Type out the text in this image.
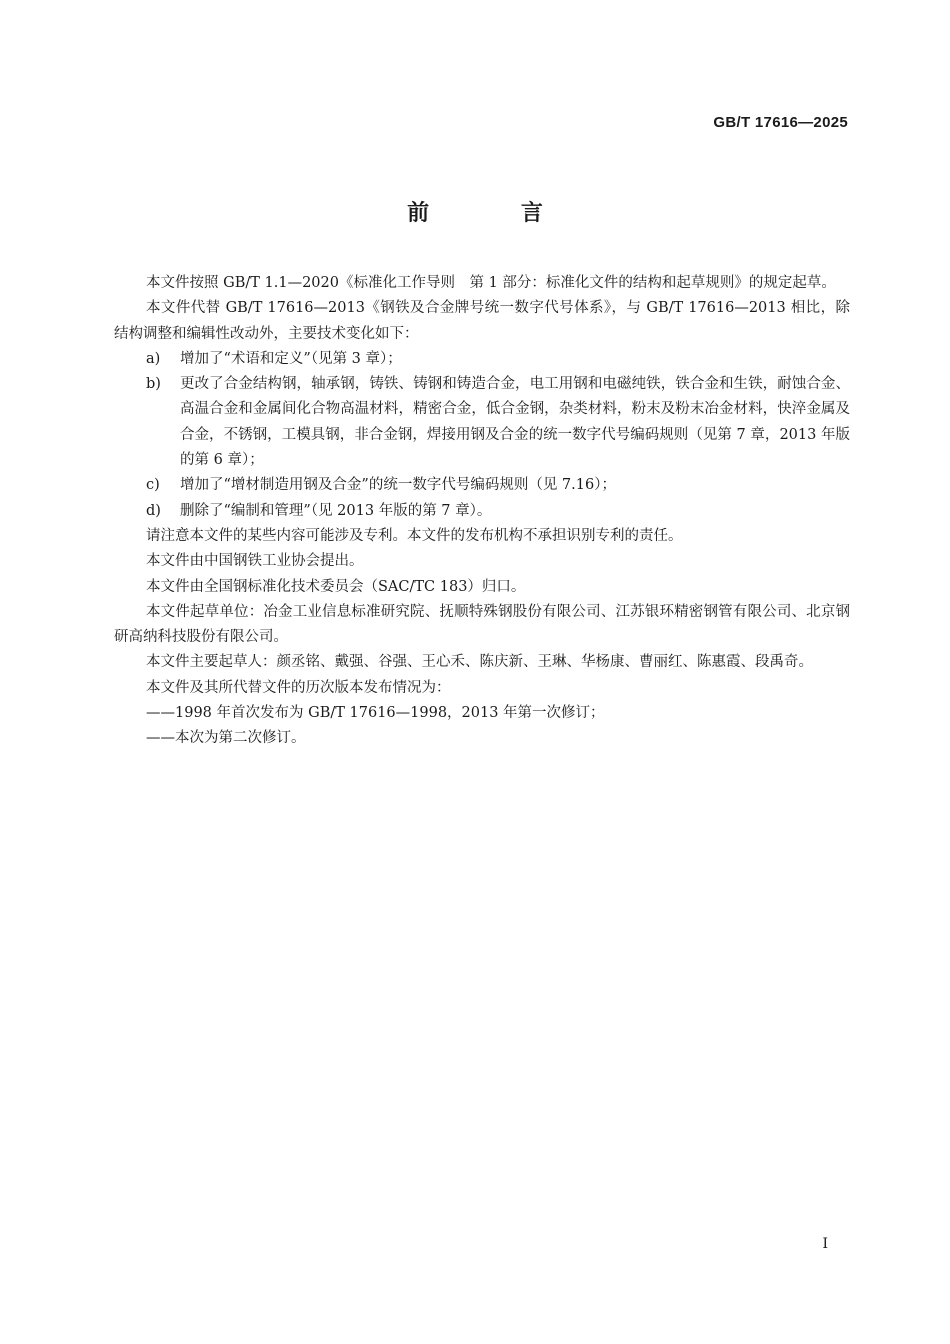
GB/T 17616—2025
前 言

本文件按照 GB/T 1.1—2020《标准化工作导则　第 1 部分：标准化文件的结构和起草规则》的规定起草。

本文件代替 GB/T 17616—2013《钢铁及合金牌号统一数字代号体系》，与 GB/T 17616—2013 相比，除结构调整和编辑性改动外，主要技术变化如下：

a)	增加了“术语和定义”（见第 3 章）；
b)	更改了合金结构钢，轴承钢，铸铁、铸钢和铸造合金，电工用钢和电磁纯铁，铁合金和生铁，耐蚀合金、高温合金和金属间化合物高温材料，精密合金，低合金钢，杂类材料，粉末及粉末冶金材料，快淬金属及合金，不锈钢，工模具钢，非合金钢，焊接用钢及合金的统一数字代号编码规则（见第 7 章，2013 年版的第 6 章）；
c)	增加了“增材制造用钢及合金”的统一数字代号编码规则（见 7.16）；
d)	删除了“编制和管理”（见 2013 年版的第 7 章）。

请注意本文件的某些内容可能涉及专利。本文件的发布机构不承担识别专利的责任。

本文件由中国钢铁工业协会提出。

本文件由全国钢标准化技术委员会（SAC/TC 183）归口。

本文件起草单位：冶金工业信息标准研究院、抚顺特殊钢股份有限公司、江苏银环精密钢管有限公司、北京钢研高纳科技股份有限公司。

本文件主要起草人：颜丞铭、戴强、谷强、王心禾、陈庆新、王琳、华杨康、曹丽红、陈惠霞、段禹奇。

本文件及其所代替文件的历次版本发布情况为：

——1998 年首次发布为 GB/T 17616—1998，2013 年第一次修订；

——本次为第二次修订。

I
